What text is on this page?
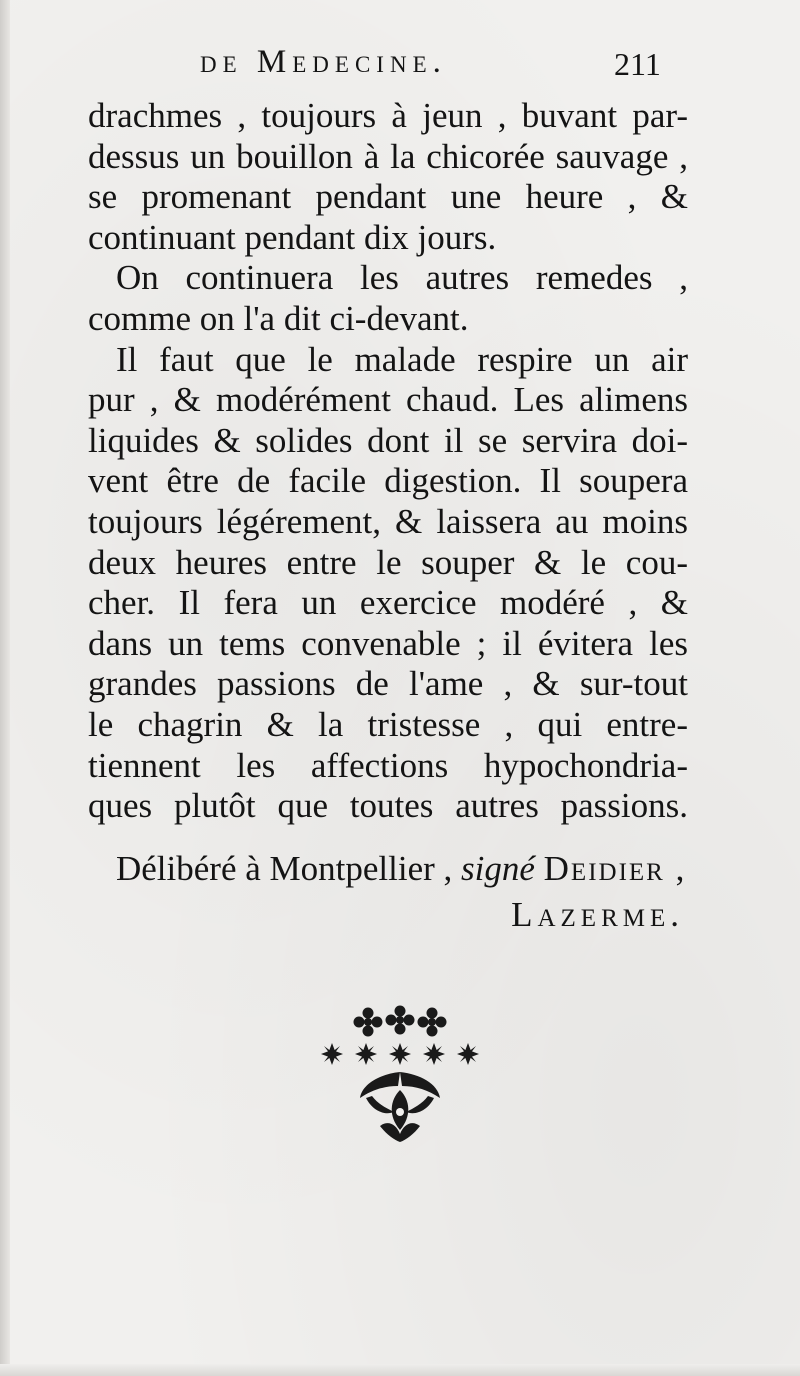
de Medecine.	211
drachmes , toujours à jeun , buvant par-
dessus un bouillon à la chicorée sauvage ,
se promenant pendant une heure , &
continuant pendant dix jours.
On continuera les autres remedes ,
comme on l'a dit ci-devant.
Il faut que le malade respire un air
pur , & modérément chaud. Les alimens
liquides & solides dont il se servira doi-
vent être de facile digestion. Il soupera
toujours légérement, & laissera au moins
deux heures entre le souper & le cou-
cher. Il fera un exercice modéré , &
dans un tems convenable ; il évitera les
grandes passions de l'ame , & sur-tout
le chagrin & la tristesse , qui entre-
tiennent les affections hypochondria-
ques plutôt que toutes autres passions.
Délibéré à Montpellier , signé Deidier ,
Lazerme.
